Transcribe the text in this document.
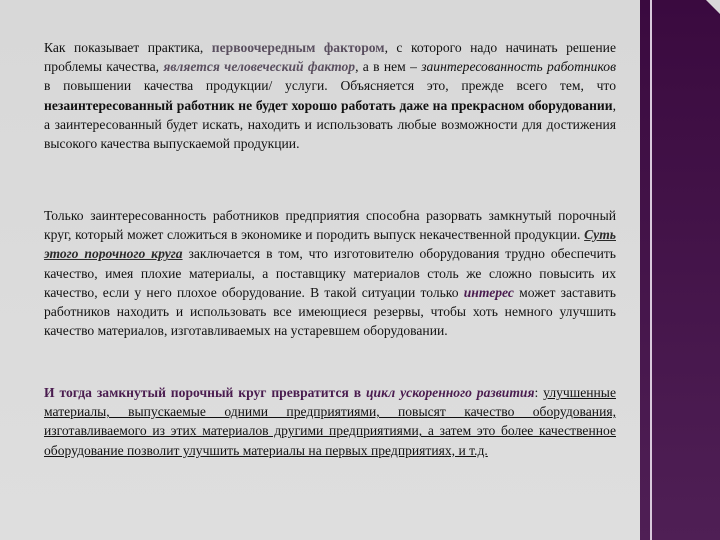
Как показывает практика, первоочередным фактором, с которого надо начинать решение проблемы качества, является человеческий фактор, а в нем – заинтересованность работников в повышении качества продукции/ услуги. Объясняется это, прежде всего тем, что незаинтересованный работник не будет хорошо работать даже на прекрасном оборудовании, а заинтересованный будет искать, находить и использовать любые возможности для достижения высокого качества выпускаемой продукции.
Только заинтересованность работников предприятия способна разорвать замкнутый порочный круг, который может сложиться в экономике и породить выпуск некачественной продукции. Суть этого порочного круга заключается в том, что изготовителю оборудования трудно обеспечить качество, имея плохие материалы, а поставщику материалов столь же сложно повысить их качество, если у него плохое оборудование. В такой ситуации только интерес может заставить работников находить и использовать все имеющиеся резервы, чтобы хоть немного улучшить качество материалов, изготавливаемых на устаревшем оборудовании.
И тогда замкнутый порочный круг превратится в цикл ускоренного развития: улучшенные материалы, выпускаемые одними предприятиями, повысят качество оборудования, изготавливаемого из этих материалов другими предприятиями, а затем это более качественное оборудование позволит улучшить материалы на первых предприятиях, и т.д.
